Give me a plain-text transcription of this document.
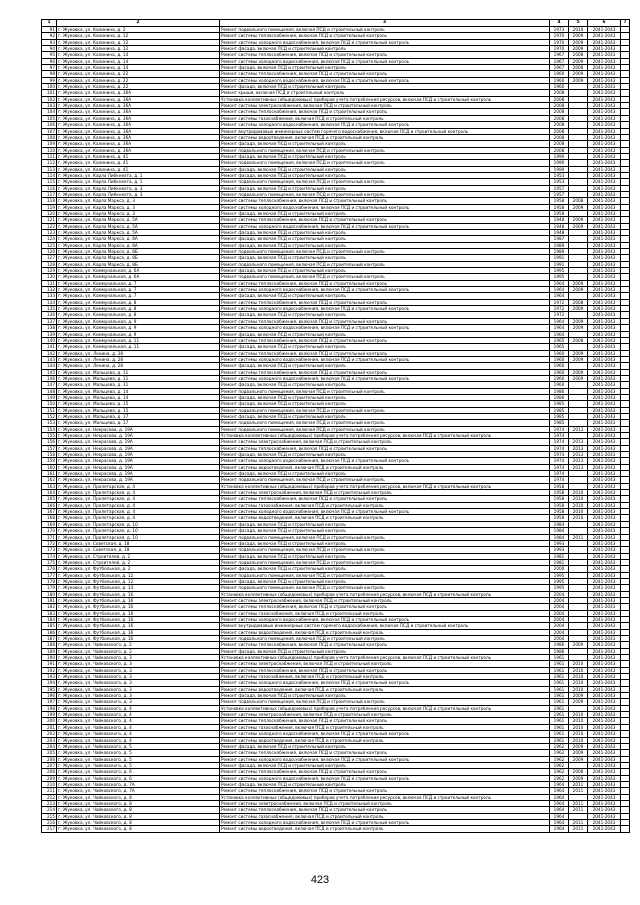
1	2	3	4	5	6	7
91	г. Жуковка, ул. Калинина, д. 2	Ремонт подвального помещения, включая ПСД и строительный контроль	1973	2010	2041-2043	
92	г. Жуковка, ул. Калинина, д. 12	Ремонт системы теплоснабжения, включая ПСД и строительный контроль	1970	2009	2041-2043	
93	г. Жуковка, ул. Калинина, д. 12	Ремонт системы холодного водоснабжения, включая ПСД и строительный контроль	1970	2009	2041-2043	
94	г. Жуковка, ул. Калинина, д. 12	Ремонт фасада, включая ПСД и строительный контроль	1970	2009	2041-2043	
95	г. Жуковка, ул. Калинина, д. 14	Ремонт системы теплоснабжения, включая ПСД и строительный контроль	1967	2008	2041-2043	
96	г. Жуковка, ул. Калинина, д. 14	Ремонт системы холодного водоснабжения, включая ПСД и строительный контроль	1967	2009	2041-2043	
97	г. Жуковка, ул. Калинина, д. 14	Ремонт фасада, включая ПСД и строительный контроль	1967	2008	2041-2043	
98	г. Жуковка, ул. Калинина, д. 22	Ремонт системы теплоснабжения, включая ПСД и строительный контроль	1960	2009	2041-2043	
99	г. Жуковка, ул. Калинина, д. 22	Ремонт системы холодного водоснабжения, включая ПСД и строительный контроль	1960	2009	2041-2043	
100	г. Жуковка, ул. Калинина, д. 22	Ремонт фасада, включая ПСД и строительный контроль	1960		2041-2043	
101	г. Жуковка, ул. Калинина, д. 36А	Ремонт крыши, включая ПСД и строительный контроль	2008		2041-2043	
102	г. Жуковка, ул. Калинина, д. 36А	Установка коллективных (общедомовых) приборов учета потребления ресурсов, включая ПСД и строительный контроль	2008		2041-2043	
103	г. Жуковка, ул. Калинина, д. 36А	Ремонт системы электроснабжения, включая ПСД и строительный контроль	2008		2041-2043	
104	г. Жуковка, ул. Калинина, д. 36А	Ремонт системы теплоснабжения, включая ПСД и строительный контроль	2008		2041-2043	
105	г. Жуковка, ул. Калинина, д. 36А	Ремонт системы газоснабжения, включая ПСД и строительный контроль	2008		2041-2043	
106	г. Жуковка, ул. Калинина, д. 36А	Ремонт системы холодного водоснабжения, включая ПСД и строительный контроль	2008		2041-2043	
107	г. Жуковка, ул. Калинина, д. 36А	Ремонт внутридомовых инженерных систем горячего водоснабжения, включая ПСД и строительный контроль	2008		2041-2043	
108	г. Жуковка, ул. Калинина, д. 36А	Ремонт системы водоотведения, включая ПСД и строительный контроль	2008		2041-2043	
109	г. Жуковка, ул. Калинина, д. 36А	Ремонт фасада, включая ПСД и строительный контроль	2008		2041-2043	
110	г. Жуковка, ул. Калинина, д. 36А	Ремонт подвального помещения, включая ПСД и строительный контроль	2008		2041-2043	
111	г. Жуковка, ул. Калинина, д. 41	Ремонт фасада, включая ПСД и строительный контроль	1990		2041-2043	
112	г. Жуковка, ул. Калинина, д. 41	Ремонт подвального помещения, включая ПСД и строительный контроль	1990		2041-2043	
113	г. Жуковка, ул. Калинина, д. 41	Ремонт фасада, включая ПСД и строительный контроль	1990		2041-2043	
114	г. Жуковка, ул. Карла Либкнехта, д. 1	Ремонт фасада, включая ПСД и строительный контроль	1953		2041-2043	
115	г. Жуковка, ул. Карла Либкнехта, д. 1	Ремонт подвального помещения, включая ПСД и строительный контроль	1953		2041-2043	
116	г. Жуковка, ул. Карла Либкнехта, д. 3	Ремонт фасада, включая ПСД и строительный контроль	1957		2041-2043	
117	г. Жуковка, ул. Карла Либкнехта, д. 3	Ремонт подвального помещения, включая ПСД и строительный контроль	1957		2041-2043	
118	г. Жуковка, ул. Карла Маркса, д. 3	Ремонт системы теплоснабжения, включая ПСД и строительный контроль	1958	2008	2041-2043	
119	г. Жуковка, ул. Карла Маркса, д. 3	Ремонт системы холодного водоснабжения, включая ПСД и строительный контроль	1958	2009	2041-2043	
120	г. Жуковка, ул. Карла Маркса, д. 3	Ремонт фасада, включая ПСД и строительный контроль	1958		2041-2043	
121	г. Жуковка, ул. Карла Маркса, д. 5А	Ремонт системы теплоснабжения, включая ПСД и строительный контроль	1948	2009	2041-2043	
122	г. Жуковка, ул. Карла Маркса, д. 5А	Ремонт системы холодного водоснабжения, включая ПСД и строительный контроль	1948	2009	2041-2043	
123	г. Жуковка, ул. Карла Маркса, д. 5А	Ремонт фасада, включая ПСД и строительный контроль	1948		2041-2043	
124	г. Жуковка, ул. Карла Маркса, д. 8А	Ремонт фасада, включая ПСД и строительный контроль	1987		2041-2043	
125	г. Жуковка, ул. Карла Маркса, д. 8А	Ремонт фасада, включая ПСД и строительный контроль	1989		2041-2043	
126	г. Жуковка, ул. Карла Маркса, д. 8Б	Ремонт подвального помещения, включая ПСД и строительный контроль	1989		2041-2043	
127	г. Жуковка, ул. Карла Маркса, д. 8Б	Ремонт фасада, включая ПСД и строительный контроль	1991		2041-2043	
128	г. Жуковка, ул. Карла Маркса, д. 8Б	Ремонт подвального помещения, включая ПСД и строительный контроль	1991		2041-2043	
129	г. Жуковка, ул. Коммунальная, д. 6А	Ремонт фасада, включая ПСД и строительный контроль	1995		2041-2043	
130	г. Жуковка, ул. Коммунальная, д. 6А	Ремонт подвального помещения, включая ПСД и строительный контроль	1995		2041-2043	
131	г. Жуковка, ул. Коммунальная, д. 7	Ремонт системы теплоснабжения, включая ПСД и строительный контроль	1964	2009	2041-2043	
132	г. Жуковка, ул. Коммунальная, д. 7	Ремонт системы холодного водоснабжения, включая ПСД и строительный контроль	1964	2009	2041-2043	
133	г. Жуковка, ул. Коммунальная, д. 7	Ремонт фасада, включая ПСД и строительный контроль	1964		2041-2043	
134	г. Жуковка, ул. Коммунальная, д. 8	Ремонт системы теплоснабжения, включая ПСД и строительный контроль	1972	2008	2041-2043	
135	г. Жуковка, ул. Коммунальная, д. 8	Ремонт системы холодного водоснабжения, включая ПСД и строительный контроль	1972	2009	2041-2043	
136	г. Жуковка, ул. Коммунальная, д. 8	Ремонт фасада, включая ПСД и строительный контроль	1972		2041-2043	
137	г. Жуковка, ул. Коммунальная, д. 9	Ремонт системы теплоснабжения, включая ПСД и строительный контроль	1964	2009	2041-2043	
138	г. Жуковка, ул. Коммунальная, д. 9	Ремонт системы холодного водоснабжения, включая ПСД и строительный контроль	1964	2009	2041-2043	
139	г. Жуковка, ул. Коммунальная, д. 9	Ремонт фасада, включая ПСД и строительный контроль	1964		2041-2043	
140	г. Жуковка, ул. Коммунальная, д. 11	Ремонт системы теплоснабжения, включая ПСД и строительный контроль	1965	2008	2041-2043	
141	г. Жуковка, ул. Коммунальная, д. 11	Ремонт фасада, включая ПСД и строительный контроль	1965		2041-2043	
142	г. Жуковка, ул. Ленина, д. 28	Ремонт системы теплоснабжения, включая ПСД и строительный контроль	1960	2009	2041-2043	
143	г. Жуковка, ул. Ленина, д. 28	Ремонт системы холодного водоснабжения, включая ПСД и строительный контроль	1960	2009	2041-2043	
144	г. Жуковка, ул. Ленина, д. 28	Ремонт фасада, включая ПСД и строительный контроль	1960		2041-2043	
145	г. Жуковка, ул. Мальцева, д. 11	Ремонт системы теплоснабжения, включая ПСД и строительный контроль	1960	2009	2041-2043	
146	г. Жуковка, ул. Мальцева, д. 11	Ремонт системы холодного водоснабжения, включая ПСД и строительный контроль	1960	2009	2041-2043	
147	г. Жуковка, ул. Мальцева, д. 11	Ремонт фасада, включая ПСД и строительный контроль	1960		2041-2043	
148	г. Жуковка, ул. Мальцева, д. 14	Ремонт подвального помещения, включая ПСД и строительный контроль	1986		2041-2043	
149	г. Жуковка, ул. Мальцева, д. 14	Ремонт фасада, включая ПСД и строительный контроль	1986		2041-2043	
150	г. Жуковка, ул. Мальцева, д. 15	Ремонт фасада, включая ПСД и строительный контроль	1985		2041-2043	
151	г. Жуковка, ул. Мальцева, д. 15	Ремонт подвального помещения, включая ПСД и строительный контроль	1985		2041-2043	
152	г. Жуковка, ул. Мальцева, д. 17	Ремонт фасада, включая ПСД и строительный контроль	1985		2041-2043	
153	г. Жуковка, ул. Мальцева, д. 17	Ремонт подвального помещения, включая ПСД и строительный контроль	1985		2041-2043	
154	г. Жуковка, ул. Некрасова, д. 19А	Ремонт подвального помещения, включая ПСД и строительный контроль	1974	2013	2041-2043	
155	г. Жуковка, ул. Некрасова, д. 19А	Установка коллективных (общедомовых) приборов учета потребления ресурсов, включая ПСД и строительный контроль	1974		2041-2043	
156	г. Жуковка, ул. Некрасова, д. 19А	Ремонт системы электроснабжения, включая ПСД и строительный контроль	1974	2013	2041-2043	
157	г. Жуковка, ул. Некрасова, д. 19А	Ремонт системы теплоснабжения, включая ПСД и строительный контроль	1974	2013	2041-2043	
158	г. Жуковка, ул. Некрасова, д. 19А	Ремонт фасада, включая ПСД и строительный контроль	1974	2013	2041-2043	
159	г. Жуковка, ул. Некрасова, д. 19А	Ремонт системы холодного водоснабжения, включая ПСД и строительный контроль	1974	2013	2041-2043	
160	г. Жуковка, ул. Некрасова, д. 19А	Ремонт системы водоотведения, включая ПСД и строительный контроль	1974	2013	2041-2043	
161	г. Жуковка, ул. Некрасова, д. 19А	Ремонт фасада, включая ПСД и строительный контроль	1974		2041-2043	
162	г. Жуковка, ул. Некрасова, д. 19А	Ремонт подвального помещения, включая ПСД и строительный контроль	1974		2041-2043	
163	г. Жуковка, ул. Пролетарская, д. 4	Установка коллективных (общедомовых) приборов учета потребления ресурсов, включая ПСД и строительный контроль	1958		2041-2043	
164	г. Жуковка, ул. Пролетарская, д. 4	Ремонт системы электроснабжения, включая ПСД и строительный контроль	1958	2010	2041-2043	
165	г. Жуковка, ул. Пролетарская, д. 4	Ремонт системы теплоснабжения, включая ПСД и строительный контроль	1958	2010	2041-2043	
166	г. Жуковка, ул. Пролетарская, д. 4	Ремонт системы газоснабжения, включая ПСД и строительный контроль	1958	2010	2041-2043	
167	г. Жуковка, ул. Пролетарская, д. 4	Ремонт системы холодного водоснабжения, включая ПСД и строительный контроль	1958	2010	2041-2043	
168	г. Жуковка, ул. Пролетарская, д. 4	Ремонт системы водоотведения, включая ПСД и строительный контроль	1958	2010	2041-2043	
169	г. Жуковка, ул. Пролетарская, д. 10	Ремонт фасада, включая ПСД и строительный контроль	1984		2041-2043	
170	г. Жуковка, ул. Пролетарская, д. 10	Ремонт фасада, включая ПСД и строительный контроль	1984		2041-2043	
171	г. Жуковка, ул. Пролетарская, д. 10	Ремонт подвального помещения, включая ПСД и строительный контроль	1984	2011	2041-2043	
172	г. Жуковка, ул. Советская, д. 18	Ремонт фасада, включая ПСД и строительный контроль	1993		2041-2043	
173	г. Жуковка, ул. Советская, д. 18	Ремонт подвального помещения, включая ПСД и строительный контроль	1993		2041-2043	
174	г. Жуковка, ул. Строителей, д. 2	Ремонт фасада, включая ПСД и строительный контроль	1981		2041-2043	
175	г. Жуковка, ул. Строителей, д. 2	Ремонт подвального помещения, включая ПСД и строительный контроль	1981		2041-2043	
176	г. Жуковка, ул. Футбольная, д. 2	Ремонт фасада, включая ПСД и строительный контроль	2000		2041-2043	
177	г. Жуковка, ул. Футбольная, д. 12	Ремонт подвального помещения, включая ПСД и строительный контроль	1995		2041-2043	
178	г. Жуковка, ул. Футбольная, д. 12	Ремонт фасада, включая ПСД и строительный контроль	1995		2041-2043	
179	г. Жуковка, ул. Футбольная, д. 14	Ремонт подвального помещения, включая ПСД и строительный контроль	1995		2041-2043	
180	г. Жуковка, ул. Футбольная, д. 16	Установка коллективных (общедомовых) приборов учета потребления ресурсов, включая ПСД и строительный контроль	2004		2041-2043	
181	г. Жуковка, ул. Футбольная, д. 16	Ремонт системы электроснабжения, включая ПСД и строительный контроль	2004		2041-2043	
182	г. Жуковка, ул. Футбольная, д. 16	Ремонт системы теплоснабжения, включая ПСД и строительный контроль	2004		2041-2043	
183	г. Жуковка, ул. Футбольная, д. 16	Ремонт системы газоснабжения, включая ПСД и строительный контроль	2004		2041-2043	
184	г. Жуковка, ул. Футбольная, д. 16	Ремонт системы холодного водоснабжения, включая ПСД и строительный контроль	2004		2041-2043	
185	г. Жуковка, ул. Футбольная, д. 16	Ремонт внутридомовых инженерных систем горячего водоснабжения, включая ПСД и строительный контроль	2004		2041-2043	
186	г. Жуковка, ул. Футбольная, д. 16	Ремонт системы водоотведения, включая ПСД и строительный контроль	2004		2041-2043	
187	г. Жуковка, ул. Футбольная, д. 16	Ремонт подвального помещения, включая ПСД и строительный контроль	2004		2041-2043	
188	г. Жуковка, ул. Чайковского, д. 2	Ремонт системы теплоснабжения, включая ПСД и строительный контроль	1986	2009	2041-2043	
189	г. Жуковка, ул. Чайковского, д. 2	Ремонт фасада, включая ПСД и строительный контроль	1986		2041-2043	
190	г. Жуковка, ул. Чайковского, д. 3	Установка коллективных (общедомовых) приборов учета потребления ресурсов, включая ПСД и строительный контроль	1961		2041-2043	
191	г. Жуковка, ул. Чайковского, д. 3	Ремонт системы электроснабжения, включая ПСД и строительный контроль	1961	2010	2041-2043	
192	г. Жуковка, ул. Чайковского, д. 3	Ремонт системы теплоснабжения, включая ПСД и строительный контроль	1961	2010	2041-2043	
193	г. Жуковка, ул. Чайковского, д. 3	Ремонт системы газоснабжения, включая ПСД и строительный контроль	1961	2010	2041-2043	
194	г. Жуковка, ул. Чайковского, д. 3	Ремонт системы холодного водоснабжения, включая ПСД и строительный контроль	1961	2010	2041-2043	
195	г. Жуковка, ул. Чайковского, д. 3	Ремонт системы водоотведения, включая ПСД и строительный контроль	1961	2010	2041-2043	
196	г. Жуковка, ул. Чайковского, д. 3	Ремонт фасада, включая ПСД и строительный контроль	1961	2009	2041-2043	
197	г. Жуковка, ул. Чайковского, д. 3	Ремонт подвального помещения, включая ПСД и строительный контроль	1961	2009	2041-2043	
198	г. Жуковка, ул. Чайковского, д. 4	Установка коллективных (общедомовых) приборов учета потребления ресурсов, включая ПСД и строительный контроль	1961		2041-2043	
199	г. Жуковка, ул. Чайковского, д. 4	Ремонт системы электроснабжения, включая ПСД и строительный контроль	1961	2010	2041-2043	
200	г. Жуковка, ул. Чайковского, д. 4	Ремонт системы теплоснабжения, включая ПСД и строительный контроль	1961	2010	2041-2043	
201	г. Жуковка, ул. Чайковского, д. 4	Ремонт системы газоснабжения, включая ПСД и строительный контроль	1961	2010	2041-2043	
202	г. Жуковка, ул. Чайковского, д. 4	Ремонт системы холодного водоснабжения, включая ПСД и строительный контроль	1961	2010	2041-2043	
203	г. Жуковка, ул. Чайковского, д. 4	Ремонт системы водоотведения, включая ПСД и строительный контроль	1961	2010	2041-2043	
204	г. Жуковка, ул. Чайковского, д. 5	Ремонт фасада, включая ПСД и строительный контроль	1962	2009	2041-2043	
205	г. Жуковка, ул. Чайковского, д. 5	Ремонт системы теплоснабжения, включая ПСД и строительный контроль	1962	2009	2041-2043	
206	г. Жуковка, ул. Чайковского, д. 5	Ремонт системы холодного водоснабжения, включая ПСД и строительный контроль	1962	2009	2041-2043	
207	г. Жуковка, ул. Чайковского, д. 5	Ремонт фасада, включая ПСД и строительный контроль	1962		2041-2043	
208	г. Жуковка, ул. Чайковского, д. 6	Ремонт системы теплоснабжения, включая ПСД и строительный контроль	1962	2008	2041-2043	
209	г. Жуковка, ул. Чайковского, д. 6	Ремонт системы холодного водоснабжения, включая ПСД и строительный контроль	1962	2009	2041-2043	
210	г. Жуковка, ул. Чайковского, д. 7А	Ремонт фасада, включая ПСД и строительный контроль	1964	2011	2041-2043	
211	г. Жуковка, ул. Чайковского, д. 7А	Ремонт системы теплоснабжения, включая ПСД и строительный контроль	1964	2011	2041-2043	
212	г. Жуковка, ул. Чайковского, д. 8	Установка коллективных (общедомовых) приборов учета потребления ресурсов, включая ПСД и строительный контроль	1964		2041-2043	
213	г. Жуковка, ул. Чайковского, д. 8	Ремонт системы электроснабжения, включая ПСД и строительный контроль	1964	2011	2041-2043	
214	г. Жуковка, ул. Чайковского, д. 8	Ремонт системы теплоснабжения, включая ПСД и строительный контроль	1964	2011	2041-2043	
215	г. Жуковка, ул. Чайковского, д. 8	Ремонт системы газоснабжения, включая ПСД и строительный контроль	1964		2041-2043	
216	г. Жуковка, ул. Чайковского, д. 8	Ремонт системы холодного водоснабжения, включая ПСД и строительный контроль	1964	2011	2041-2043	
217	г. Жуковка, ул. Чайковского, д. 8	Ремонт системы водоотведения, включая ПСД и строительный контроль	1964	2011	2041-2043	
423
